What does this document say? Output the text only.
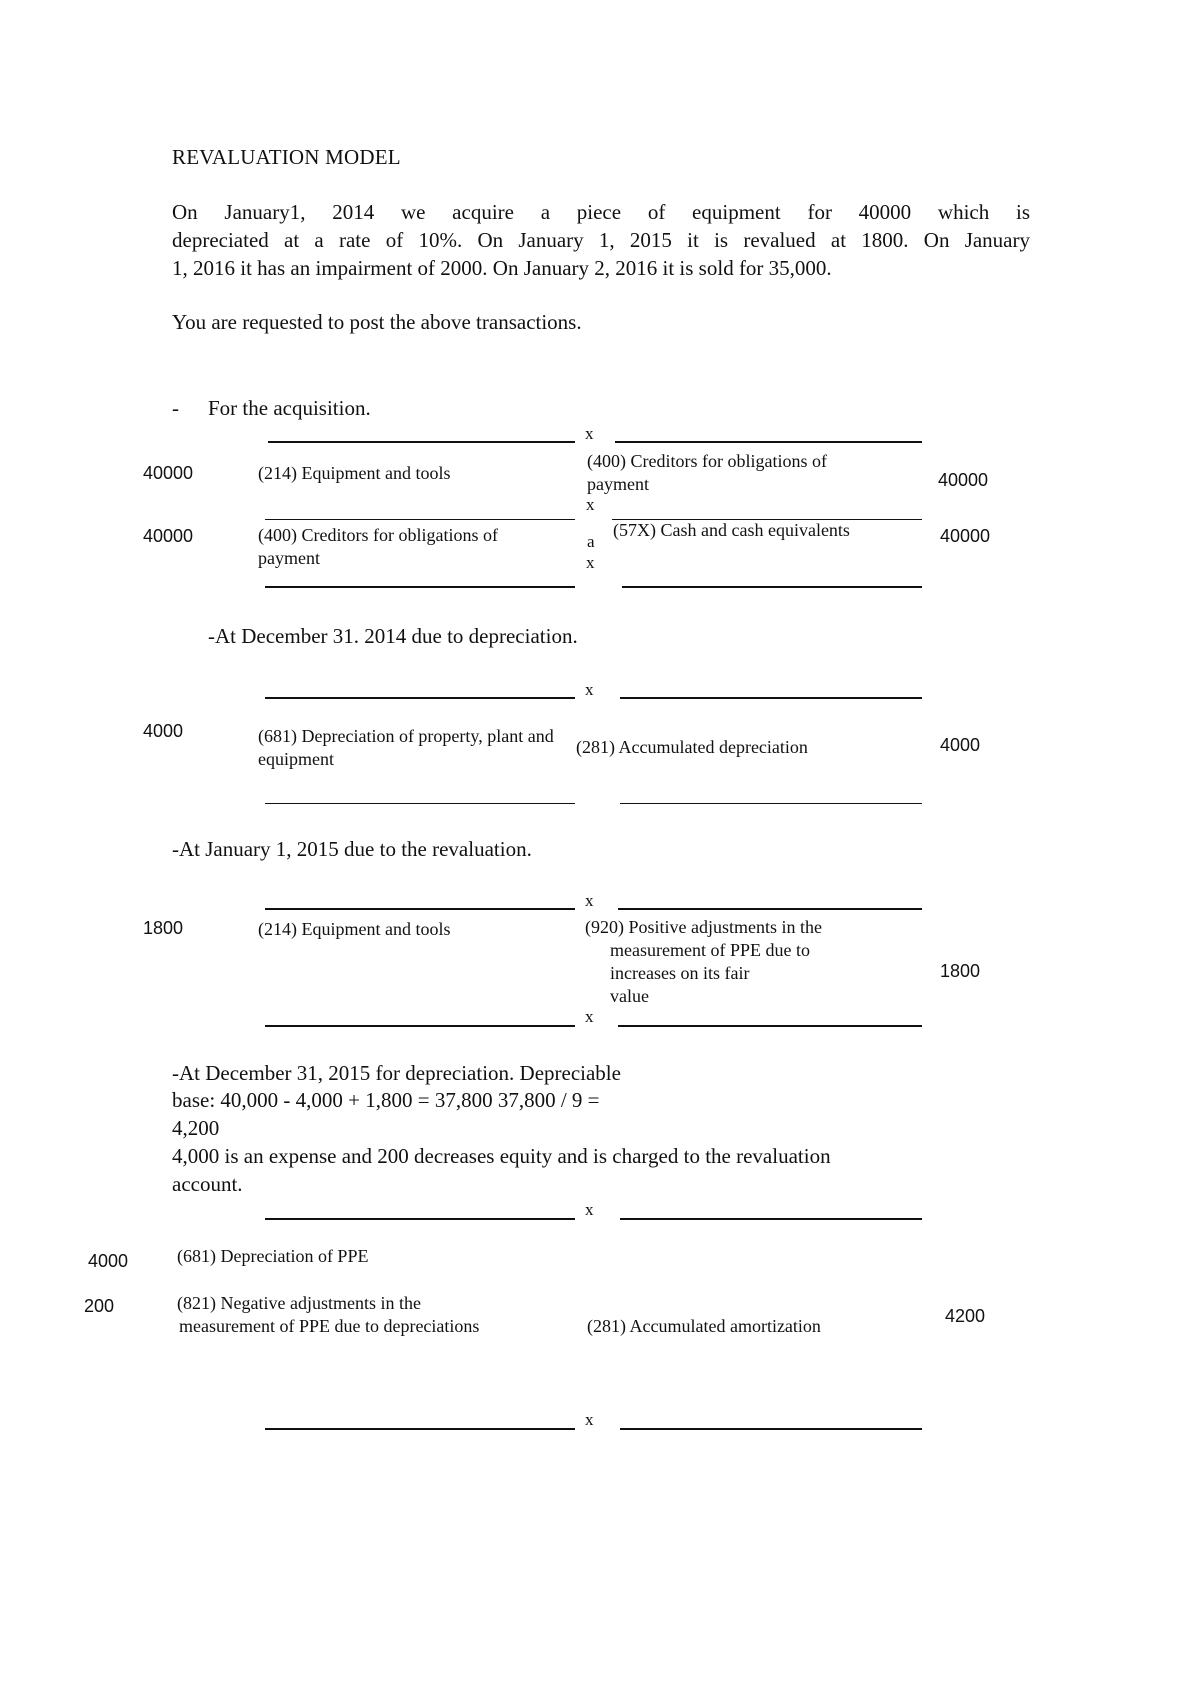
REVALUATION MODEL
On January1, 2014 we acquire a piece of equipment for 40000 which is
depreciated at a rate of 10%. On January 1, 2015 it is revalued at 1800. On January
1, 2016 it has an impairment of 2000. On January 2, 2016 it is sold for 35,000.
You are requested to post the above transactions.
- For the acquisition.
x
40000	(214) Equipment and tools
(400) Creditors for obligations of payment	40000
x
40000	(400) Creditors for obligations of payment
a
x
(57X) Cash and cash equivalents	40000
-At December 31. 2014 due to depreciation.
x
4000	(681) Depreciation of property, plant and equipment
(281) Accumulated depreciation	4000
-At January 1, 2015 due to the revaluation.
x
1800	(214) Equipment and tools	(920) Positive adjustments in the
measurement of PPE due to
increases on its fair
value
1800
x
-At December 31, 2015 for depreciation. Depreciable
base: 40,000 - 4,000 + 1,800 = 37,800 37,800 / 9 =
4,200
4,000 is an expense and 200 decreases equity and is charged to the revaluation
account.
x
4000	(681) Depreciation of PPE
200	(821) Negative adjustments in the
measurement of PPE due to depreciations	(281) Accumulated amortization	4200
x
